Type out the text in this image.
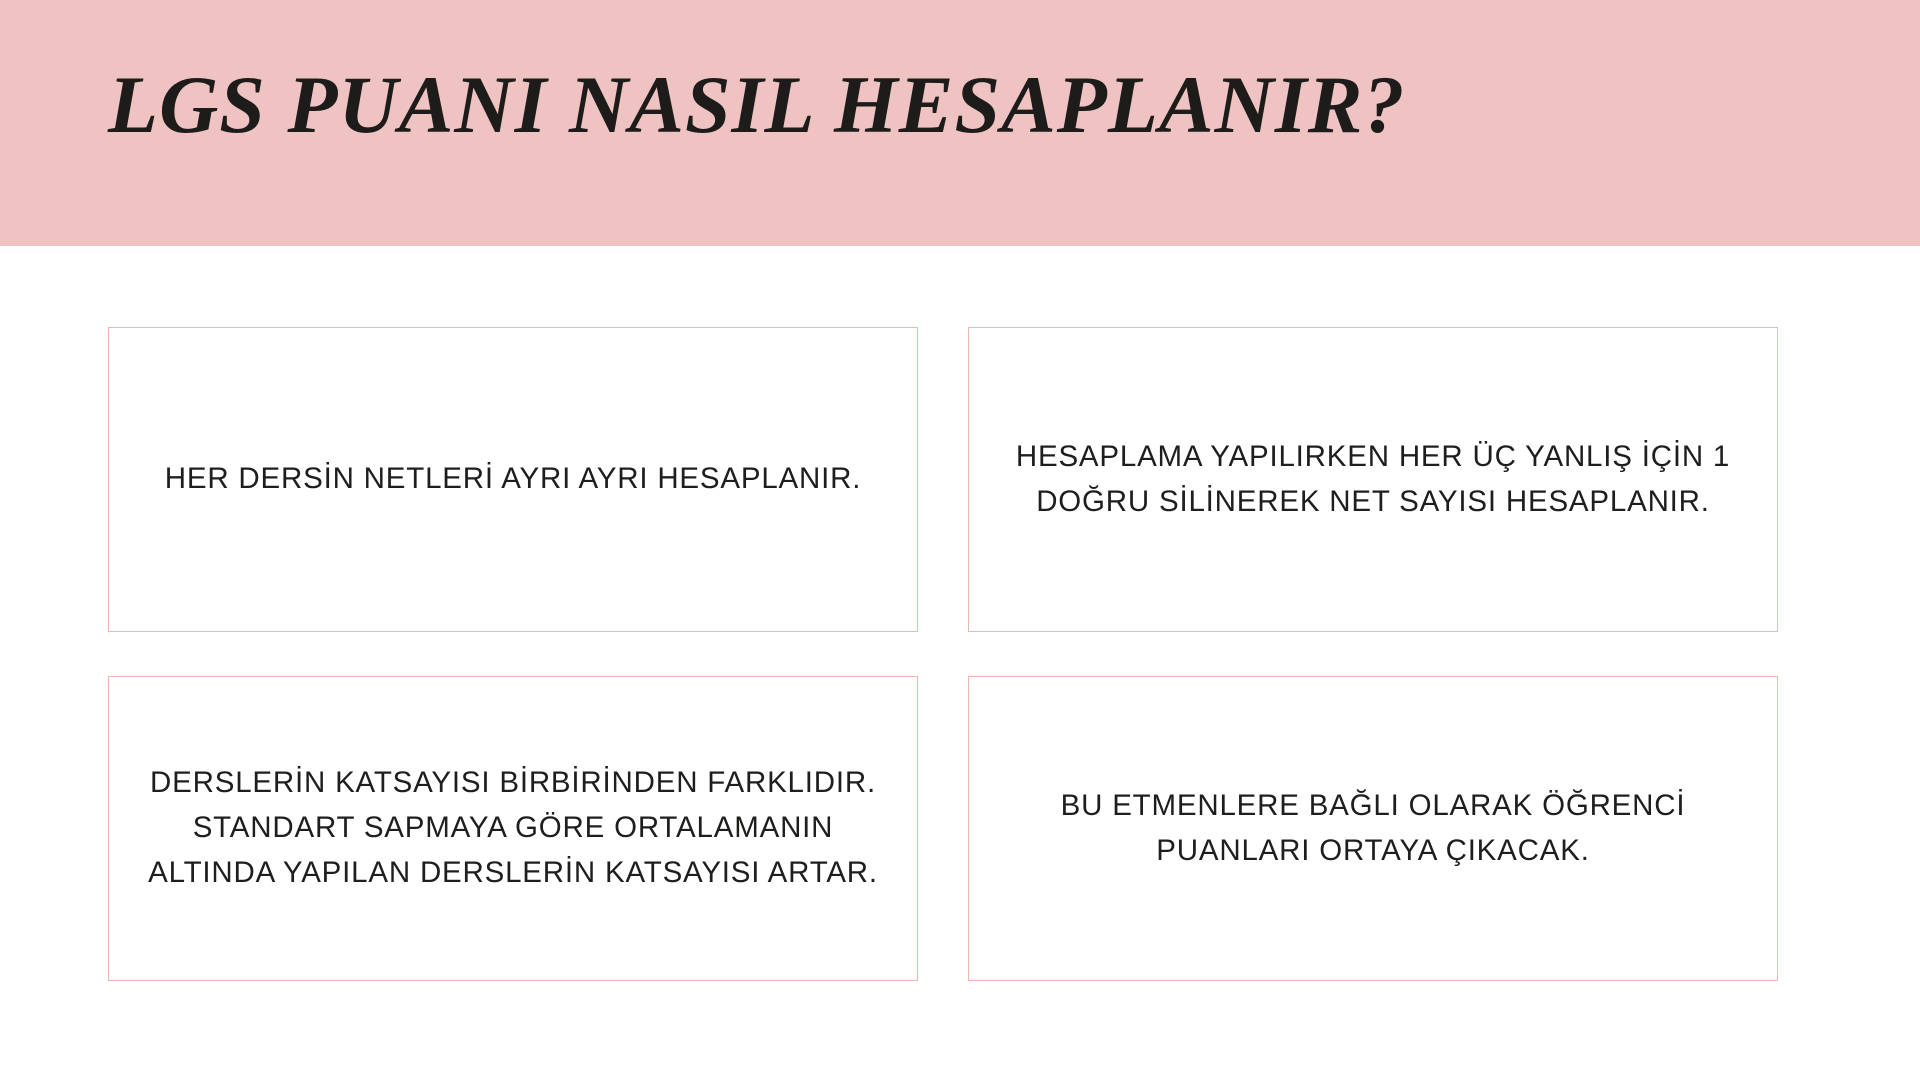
LGS PUANI NASIL HESAPLANIR?
HER DERSİN NETLERİ AYRI AYRI HESAPLANIR.
HESAPLAMA YAPILIRKEN HER ÜÇ YANLIŞ İÇİN 1 DOĞRU SİLİNEREK NET SAYISI HESAPLANIR.
DERSLERİN KATSAYISI BİRBİRİNDEN FARKLIDIR. STANDART SAPMAYA GÖRE ORTALAMANIN ALTINDA YAPILAN DERSLERİN KATSAYISI ARTAR.
BU ETMENLERE BAĞLI OLARAK ÖĞRENCİ PUANLARI ORTAYA ÇIKACAK.
